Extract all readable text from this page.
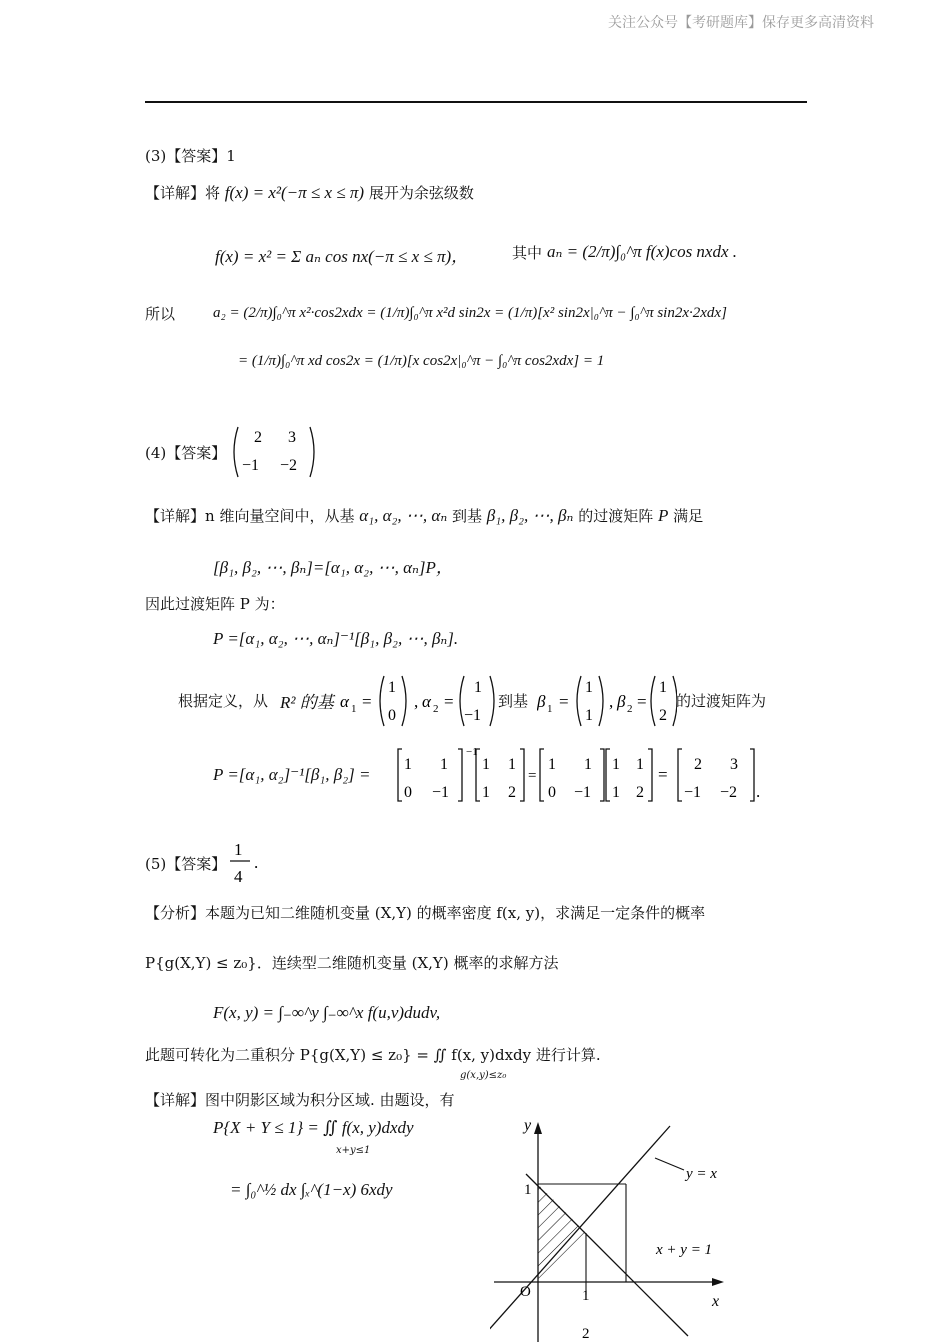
关注公众号【考研题库】保存更多高清资料
(3)【答案】1
【详解】将 f(x) = x²(−π ≤ x ≤ π) 展开为余弦级数
f(x) = x² = Σ aₙ cos nx(−π ≤ x ≤ π)，	其中 aₙ = (2/π)∫₀^π f(x)cos nxdx .
所以	a₂ = (2/π)∫₀^π x²·cos2xdx = (1/π)∫₀^π x²d sin2x = (1/π)[x² sin2x|₀^π − ∫₀^π sin2x·2xdx]
= (1/π)∫₀^π xd cos2x = (1/π)[x cos2x|₀^π − ∫₀^π cos2xdx] = 1
(4)【答案】
2 3
−1 −2
【详解】n 维向量空间中，从基 α₁, α₂, ⋯, αₙ 到基 β₁, β₂, ⋯, βₙ 的过渡矩阵 P 满足
[β₁, β₂, ⋯, βₙ]=[α₁, α₂, ⋯, αₙ]P，
因此过渡矩阵 P 为：
P =[α₁, α₂, ⋯, αₙ]⁻¹[β₁, β₂, ⋯, βₙ].
根据定义，从 R² 的基 α 1 =
1
0
, α 2 =
1
−1
到基 β 1 =
1
1
, β 2 =
1
2
的过渡矩阵为
P =[α₁, α₂]⁻¹[β₁, β₂] =
−1
1 1
0 −1
1 1
1 2
=
1 1
0 −1
1 1
1 2
=
2 3
−1 −2 .
(5)【答案】
1
4
.
【分析】本题为已知二维随机变量 (X,Y) 的概率密度 f(x, y)，求满足一定条件的概率
P{g(X,Y) ≤ z₀}．连续型二维随机变量 (X,Y) 概率的求解方法
F(x, y) = ∫₋∞^y ∫₋∞^x f(u,v)dudv,
此题可转化为二重积分 P{g(X,Y) ≤ z₀} = ∬ f(x, y)dxdy 进行计算.
g(x,y)≤z₀
【详解】图中阴影区域为积分区域. 由题设，有
P{X + Y ≤ 1} = ∬ f(x, y)dxdy
x+y≤1
= ∫₀^½ dx ∫ₓ^(1−x) 6xdy
y
x
O
1
1
2
y = x
x + y = 1
